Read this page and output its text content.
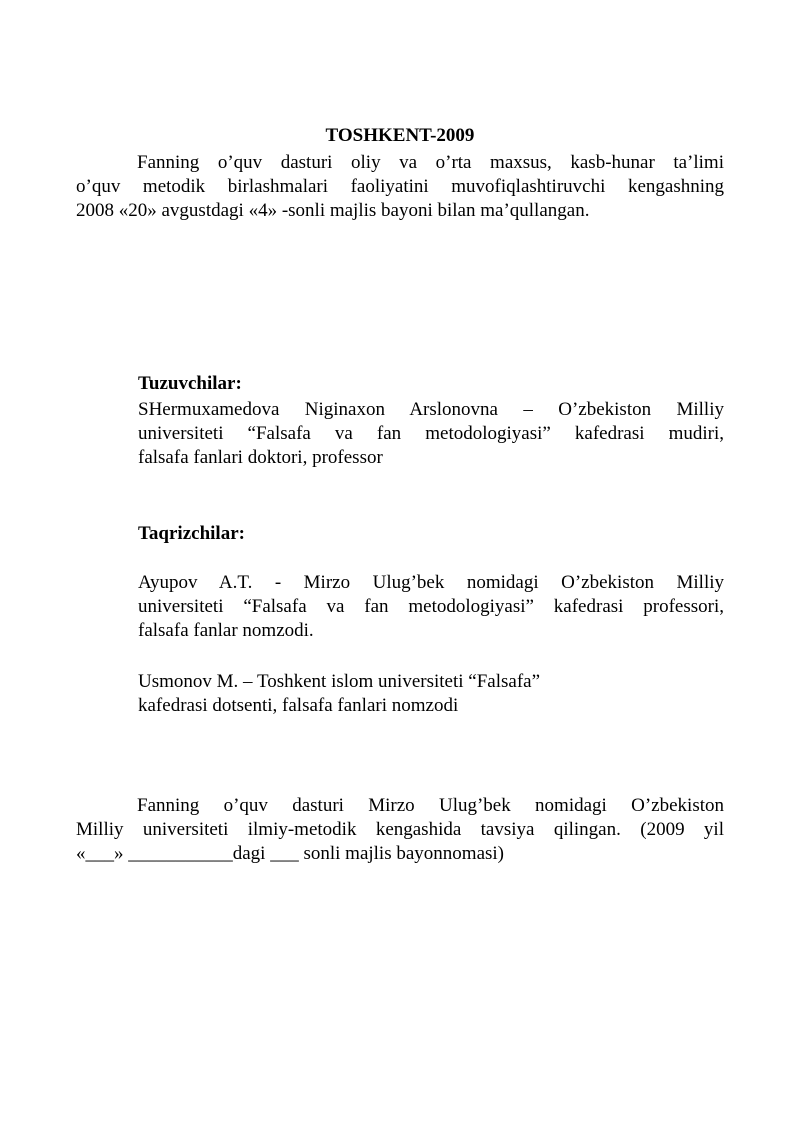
TOSHKENT-2009
Fanning o’quv dasturi oliy va o’rta maxsus, kasb-hunar ta’limi
o’quv metodik birlashmalari faoliyatini muvofiqlashtiruvchi kengashning
2008 «20» avgustdagi «4» -sonli majlis bayoni bilan ma’qullangan.
Tuzuvchilar:
SHermuxamedova Niginaxon Arslonovna – O’zbekiston Milliy
universiteti “Falsafa va fan metodologiyasi” kafedrasi mudiri,
falsafa fanlari doktori, professor
Taqrizchilar:
Ayupov A.T. - Mirzo Ulug’bek nomidagi O’zbekiston Milliy
universiteti “Falsafa va fan metodologiyasi” kafedrasi professori,
falsafa fanlar nomzodi.
Usmonov M. – Toshkent islom universiteti “Falsafa”
kafedrasi dotsenti, falsafa fanlari nomzodi
Fanning o’quv dasturi Mirzo Ulug’bek nomidagi O’zbekiston
Milliy universiteti ilmiy-metodik kengashida tavsiya qilingan. (2009 yil
«___» ___________dagi ___ sonli majlis bayonnomasi)
